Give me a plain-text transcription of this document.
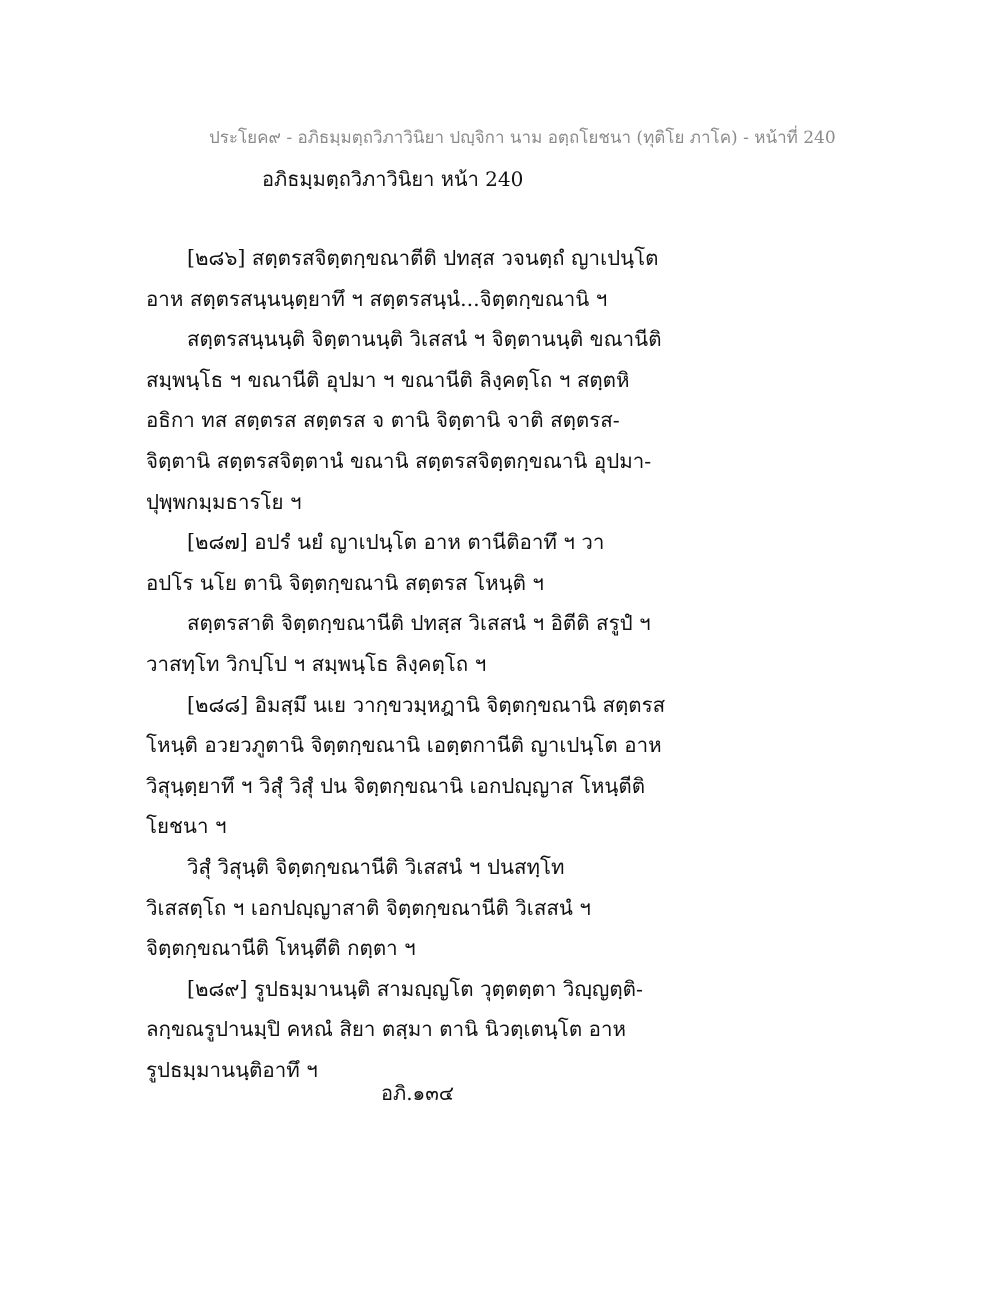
ประโยค๙ - อภิธมฺมตฺถวิภาวินิยา ปญฺจิกา นาม อตฺถโยชนา (ทุติโย ภาโค) - หน้าที่ 240
อภิธมฺมตฺถวิภาวินิยา หน้า 240
[๒๘๖] สตฺตรสจิตฺตกฺขณาตีติ ปทสฺส วจนตฺถํ ญาเปนฺโต
อาห สตฺตรสนฺนนฺตฺยาทึ ฯ สตฺตรสนฺนํ...จิตฺตกฺขณานิ ฯ
สตฺตรสนฺนนฺติ จิตฺตานนฺติ วิเสสนํ ฯ จิตฺตานนฺติ ขณานีติ
สมฺพนฺโธ ฯ ขณานีติ อุปมา ฯ ขณานีติ ลิงฺคตฺโถ ฯ สตฺตหิ
อธิกา ทส สตฺตรส สตฺตรส จ ตานิ จิตฺตานิ จาติ สตฺตรส-
จิตฺตานิ สตฺตรสจิตฺตานํ ขณานิ สตฺตรสจิตฺตกฺขณานิ อุปมา-
ปุพฺพกมฺมธารโย ฯ
[๒๘๗] อปรํ นยํ ญาเปนฺโต อาห ตานีติอาทึ ฯ วา
อปโร นโย ตานิ จิตฺตกฺขณานิ สตฺตรส โหนฺติ ฯ
สตฺตรสาติ จิตฺตกฺขณานีติ ปทสฺส วิเสสนํ ฯ อิตีติ สรูปํ ฯ
วาสทฺโท วิกปฺโป ฯ สมฺพนฺโธ ลิงฺคตฺโถ ฯ
[๒๘๘] อิมสฺมึ นเย วากฺขวมฺหฎานิ จิตฺตกฺขณานิ สตฺตรส
โหนฺติ อวยวภูตานิ จิตฺตกฺขณานิ เอตฺตกานีติ ญาเปนฺโต อาห
วิสุนฺตฺยาทึ ฯ วิสุํ วิสุํ ปน จิตฺตกฺขณานิ เอกปญฺญาส โหนฺตีติ
โยชนา ฯ
วิสุํ วิสุนฺติ จิตฺตกฺขณานีติ วิเสสนํ ฯ ปนสทฺโท
วิเสสตฺโถ ฯ เอกปญฺญาสาติ จิตฺตกฺขณานีติ วิเสสนํ ฯ
จิตฺตกฺขณานีติ โหนฺตีติ กตฺตา ฯ
[๒๘๙] รูปธมฺมานนฺติ สามญฺญโต วุตฺตตฺตา วิญฺญตฺติ-
ลกฺขณรูปานมฺปิ คหณํ สิยา ตสฺมา ตานิ นิวตฺเตนฺโต อาห
รูปธมฺมานนฺติอาทึ ฯ
อภิ.๑๓๔
